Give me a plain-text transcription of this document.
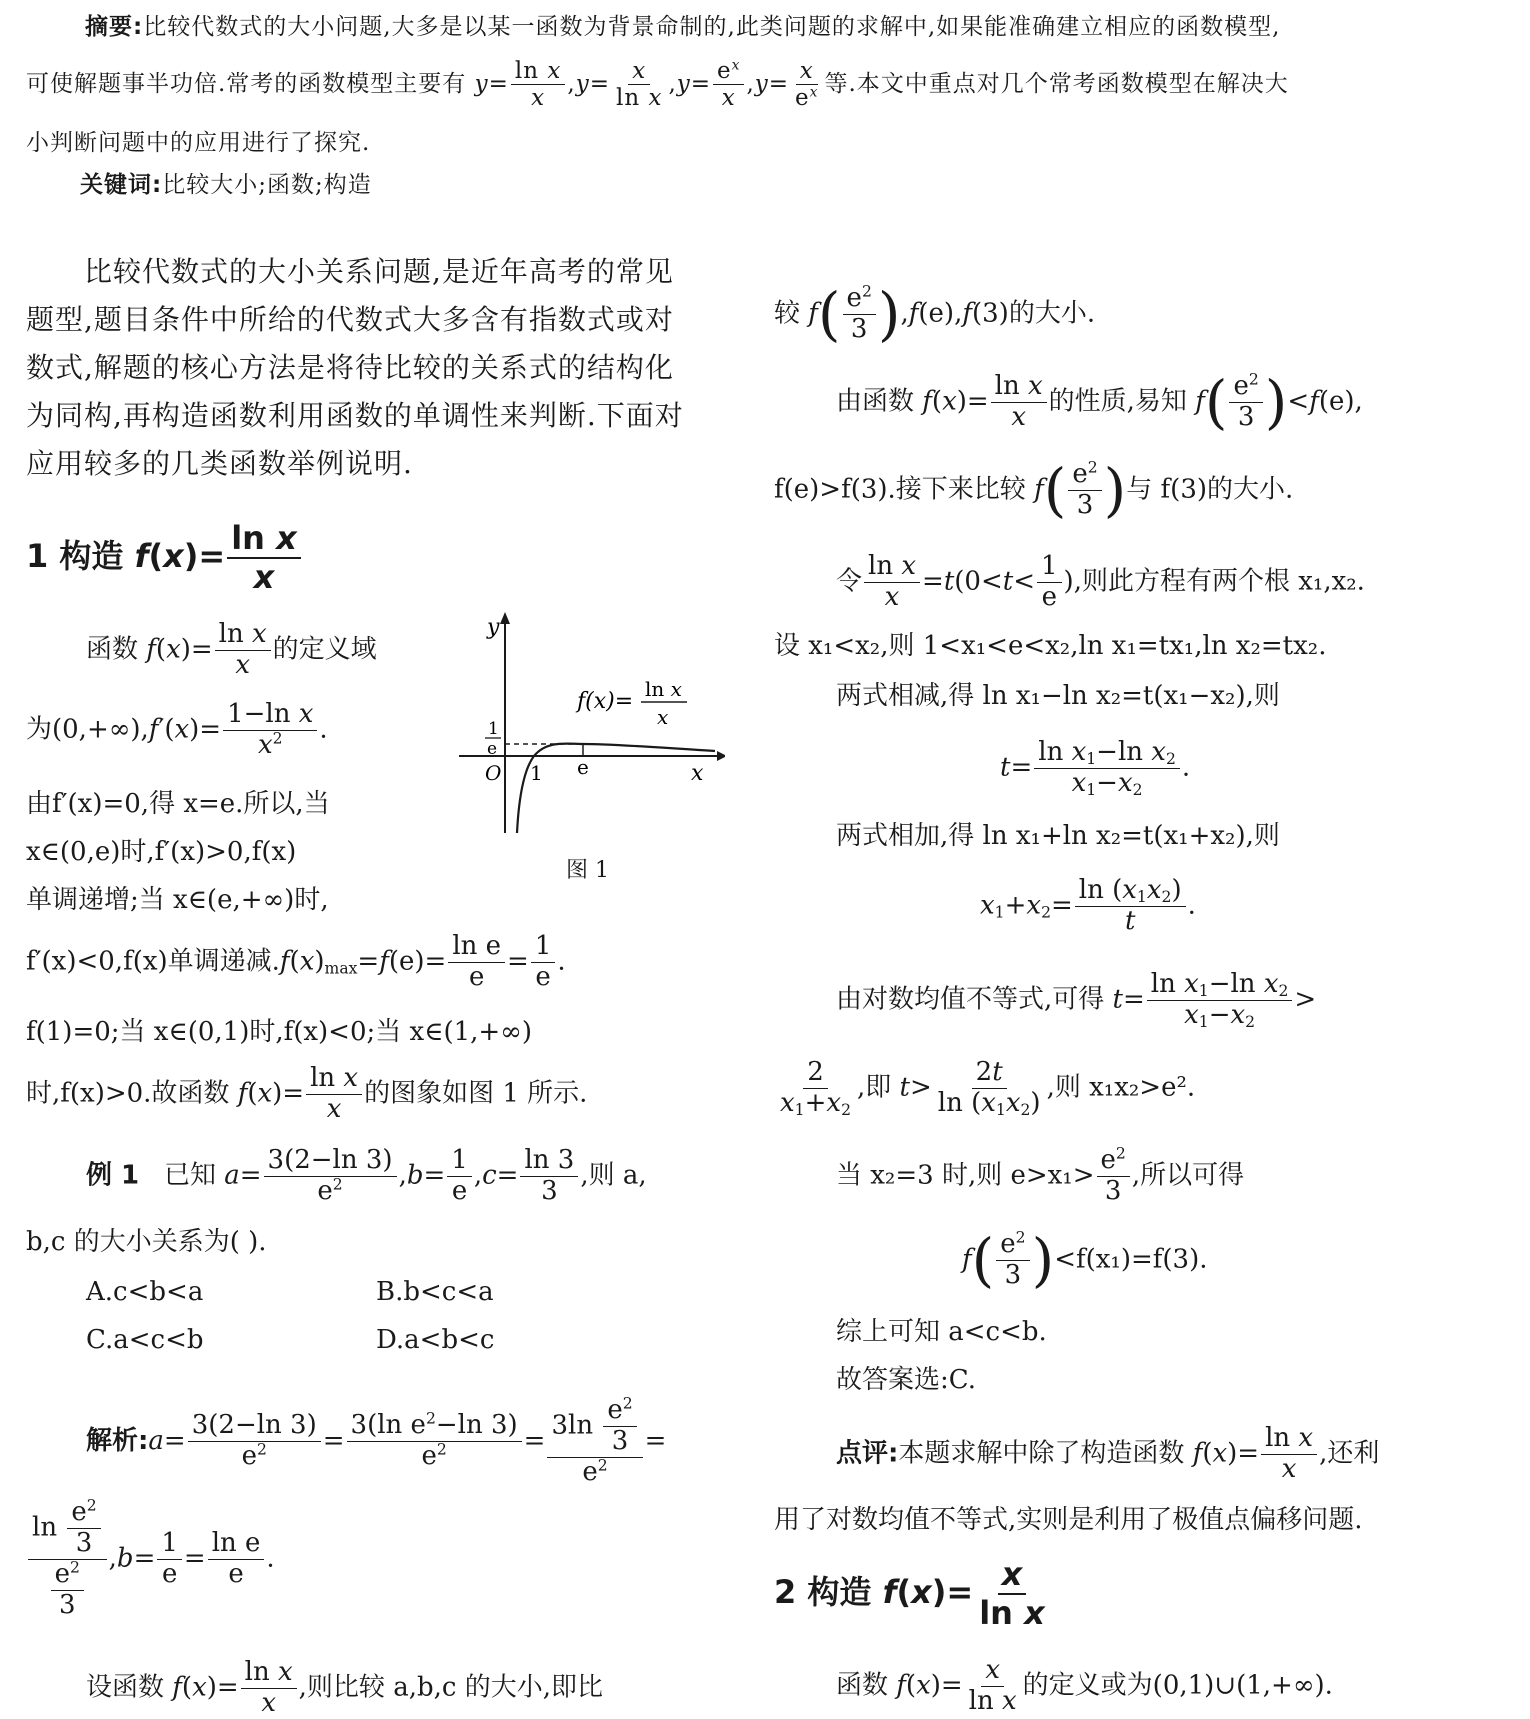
摘要:比较代数式的大小问题,大多是以某一函数为背景命制的,此类问题的求解中,如果能准确建立相应的函数模型,
可使解题事半功倍.常考的函数模型主要有 $y= \frac{\text{ln x}}{x} ,y= \frac{x}{\text{ln x}} ,y= \frac{e^x}{x} ,y= \frac{x}{e^x}$ 等.本文中重点对几个常考函数模型在解决大
小判断问题中的应用进行了探究.
关键词:比较大小;函数;构造
比较代数式的大小关系问题,是近年高考的常见
题型,题目条件中所给的代数式大多含有指数式或对
数式,解题的核心方法是将待比较的关系式的结构化
为同构,再构造函数利用函数的单调性来判断.下面对
应用较多的几类函数举例说明.
1 构造 $f(x)= \frac{\text{ln x}}{x}$
函数 $f(x)= \frac{\text{ln x}}{x}$ 的定义域
为$(0,+\infty),f'(x)= \frac{\text{1−ln x}}{x^2}$ .
由f′(x)=0,得 x=e.所以,当
x∈(0,e)时,f′(x)>0,f(x)
单调递增;当 x∈(e,+∞)时,
f′(x)<0,f(x)单调递减$.f(x)_{max}=f(e)= \frac{\text{ln e}}{e} = \frac{1}{e}$ .
f(1)=0;当 x∈(0,1)时,f(x)<0;当 x∈(1,+∞)
时,f(x)>0.故函数 $f(x)= \frac{\text{ln x}}{x}$ 的图象如图 1 所示.
例 1 已知 $a= \frac{3(2-\ln 3)}{e^2} ,b= \frac{1}{e} ,c= \frac{\ln 3}{3}$ ,则 a,
b,c 的大小关系为( ).
A.c<b<a	B.b<c<a
C.a<c<b	D.a<b<c
解析:a= $\frac{3(2-\ln 3)}{e^2} = \frac{3(\ln e^2-\ln 3)}{e^2} = \frac{3\ln \frac{e^2}{3}}{e^2}$ =
$\frac{\ln \frac{e^2}{3}}{\frac{e^2}{3}} ,b= \frac{1}{e} = \frac{\text{ln e}}{e}$ .
设函数 $f(x)= \frac{\text{ln x}}{x}$ ,则比较 a,b,c 的大小,即比
y
x
O 1 e
1
e
f(x)= ln x
x
图 1
较 f ( $\frac{e^2}{3}$ ) ,f(e),f(3)的大小.
由函数 $f(x)= \frac{\text{ln x}}{x}$ 的性质,易知 f ( $\frac{e^2}{3}$ ) <f(e),
f(e)>f(3).接下来比较 f ( $\frac{e^2}{3}$ ) 与 f(3)的大小.
令 $\frac{\text{ln x}}{x} =t(0<t< \frac{1}{e}$ ),则此方程有两个根 x₁,x₂.
设 x₁<x₂,则 1<x₁<e<x₂,ln x₁=tx₁,ln x₂=tx₂.
两式相减,得 ln x₁−ln x₂=t(x₁−x₂),则
$t= \frac{\ln x_1-\ln x_2}{x_1-x_2}$ .
两式相加,得 ln x₁+ln x₂=t(x₁+x₂),则
$x_1+x_2= \frac{\ln (x_1x_2)}{t}$ .
由对数均值不等式,可得 $t= \frac{\ln x_1-\ln x_2}{x_1-x_2}$ >
$\frac{2}{x_1+x_2}$ ,即 $t> \frac{2t}{\ln (x_1x_2)}$ ,则 x₁x₂>e².
当 x₂=3 时,则 $e>x_1> \frac{e^2}{3}$ ,所以可得
f ( $\frac{e^2}{3}$ ) <f(x₁)=f(3).
综上可知 a<c<b.
故答案选:C.
点评:本题求解中除了构造函数 $f(x)= \frac{\text{ln x}}{x}$ ,还利
用了对数均值不等式,实则是利用了极值点偏移问题.
2 构造 $f(x)= \frac{x}{\text{ln x}}$
函数 $f(x)= \frac{x}{\text{ln x}}$ 的定义或为(0,1)∪(1,+∞).
